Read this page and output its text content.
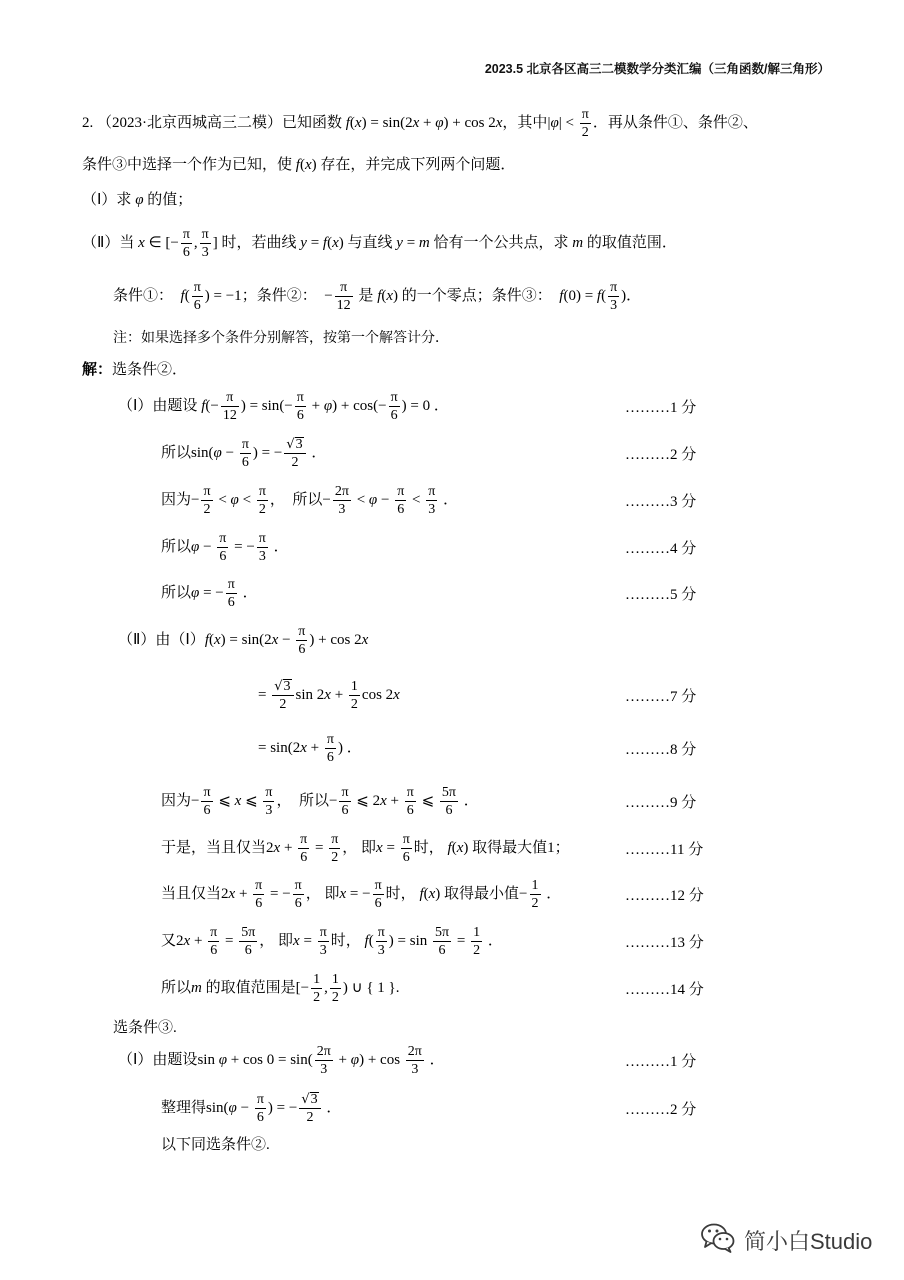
2023.5 北京各区高三二模数学分类汇编（三角函数/解三角形）
2. （2023·北京西城高三二模）已知函数 f(x) = sin(2x + φ) + cos 2x，其中$|\varphi| < \frac{\pi}{2}$ ．再从条件①、条件②、
条件③中选择一个作为已知，使 f(x) 存在，并完成下列两个问题．
（Ⅰ）求 φ 的值；
（Ⅱ）当 x ∈ [− $\frac{\pi}{6}$ , $\frac{\pi}{3}$ ] 时，若曲线 y = f(x) 与直线 y = m 恰有一个公共点，求 m 的取值范围．
条件①：  $f( \frac{\pi}{6}$ ) = −1；条件②：  − $\frac{\pi}{12}$ 是 f(x) 的一个零点；条件③：  $f(0) = f( \frac{\pi}{3}$ )．
注：如果选择多个条件分别解答，按第一个解答计分．
解：选条件②．
（Ⅰ）由题设 $f(- \frac{\pi}{12}$ ) = $\sin(- \frac{\pi}{6} + \varphi) + \cos(- \frac{\pi}{6}$ ) = 0 ．	………1 分
所以$\sin(\varphi - \frac{\pi}{6}$ ) = − $\frac{√3}{2}$ ．	………2 分
因为− $\frac{\pi}{2} < \varphi < \frac{\pi}{2}$ ，  所以− $\frac{2\pi}{3} < \varphi - \frac{\pi}{6} < \frac{\pi}{3}$ ．	………3 分
所以$\varphi - \frac{\pi}{6}$ = − $\frac{\pi}{3}$ ．	………4 分
所以φ = − $\frac{\pi}{6}$ ．	………5 分
（Ⅱ）由（Ⅰ）f(x) = $\sin(2x - \frac{\pi}{6}$ ) + cos 2x
= $\frac{√3}{2}$ $\sin 2x + \frac{1}{2}$ cos 2x	………7 分
= $\sin(2x + \frac{\pi}{6}$ ) ．	………8 分
因为− $\frac{\pi}{6}$ ⩽ x ⩽ $\frac{\pi}{3}$ ，  所以− $\frac{\pi}{6}$ ⩽ $2x + \frac{\pi}{6}$ ⩽ $\frac{5\pi}{6}$ ．	………9 分
于是，当且仅当$2x + \frac{\pi}{6} = \frac{\pi}{2}$ ， 即$x = \frac{\pi}{6}$ 时， f(x) 取得最大值1；	………11 分
当且仅当$2x + \frac{\pi}{6}$ = − $\frac{\pi}{6}$ ， 即x = − $\frac{\pi}{6}$ 时， f(x) 取得最小值− $\frac{1}{2}$ ．	………12 分
又$2x + \frac{\pi}{6} = \frac{5\pi}{6}$ ， 即$x = \frac{\pi}{3}$ 时， $f( \frac{\pi}{3}$ ) = $\sin \frac{5\pi}{6} = \frac{1}{2}$ ．	………13 分
所以m 的取值范围是[− $\frac{1}{2}$ , $\frac{1}{2}$ ) ∪ { 1 }.	………14 分
选条件③.
（Ⅰ）由题设$\sin \varphi + \cos 0 = \sin( \frac{2\pi}{3} + \varphi) + \cos \frac{2\pi}{3}$ ．	………1 分
整理得$\sin(\varphi - \frac{\pi}{6}$ ) = − $\frac{√3}{2}$ ．	………2 分
以下同选条件②.
简小白Studio
